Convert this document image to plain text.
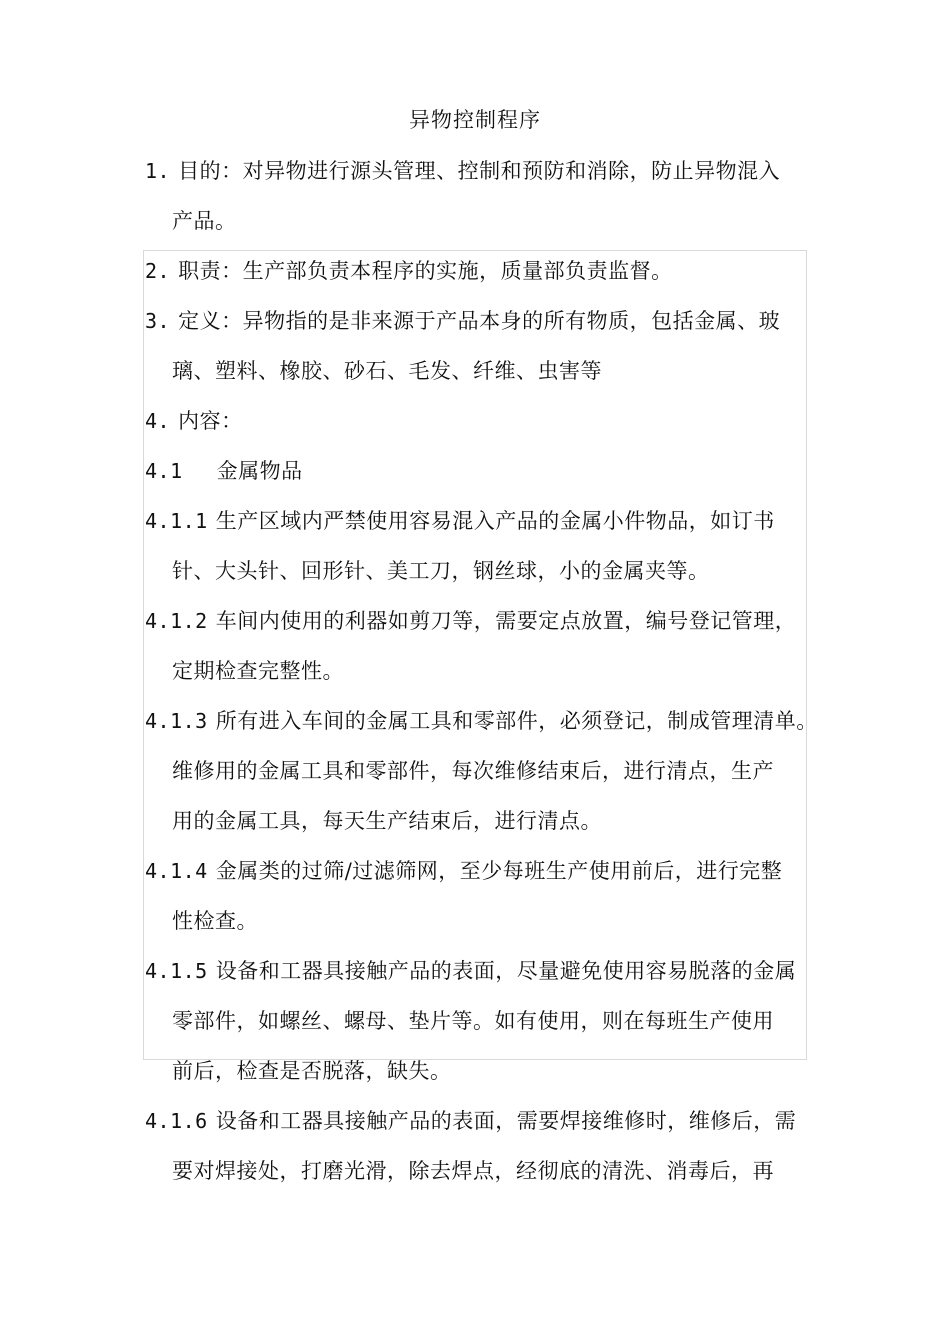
异物控制程序
1. 目的：对异物进行源头管理、控制和预防和消除，防止异物混入
产品。
2. 职责：生产部负责本程序的实施，质量部负责监督。
3. 定义：异物指的是非来源于产品本身的所有物质，包括金属、玻
璃、塑料、橡胶、砂石、毛发、纤维、虫害等
4. 内容：
4.1 金属物品
4.1.1 生产区域内严禁使用容易混入产品的金属小件物品，如订书
针、大头针、回形针、美工刀，钢丝球，小的金属夹等。
4.1.2 车间内使用的利器如剪刀等，需要定点放置，编号登记管理，
定期检查完整性。
4.1.3 所有进入车间的金属工具和零部件，必须登记，制成管理清单。
维修用的金属工具和零部件，每次维修结束后，进行清点，生产
用的金属工具，每天生产结束后，进行清点。
4.1.4 金属类的过筛/过滤筛网，至少每班生产使用前后，进行完整
性检查。
4.1.5 设备和工器具接触产品的表面，尽量避免使用容易脱落的金属
零部件，如螺丝、螺母、垫片等。如有使用，则在每班生产使用
前后，检查是否脱落，缺失。
4.1.6 设备和工器具接触产品的表面，需要焊接维修时，维修后，需
要对焊接处，打磨光滑，除去焊点，经彻底的清洗、消毒后，再
